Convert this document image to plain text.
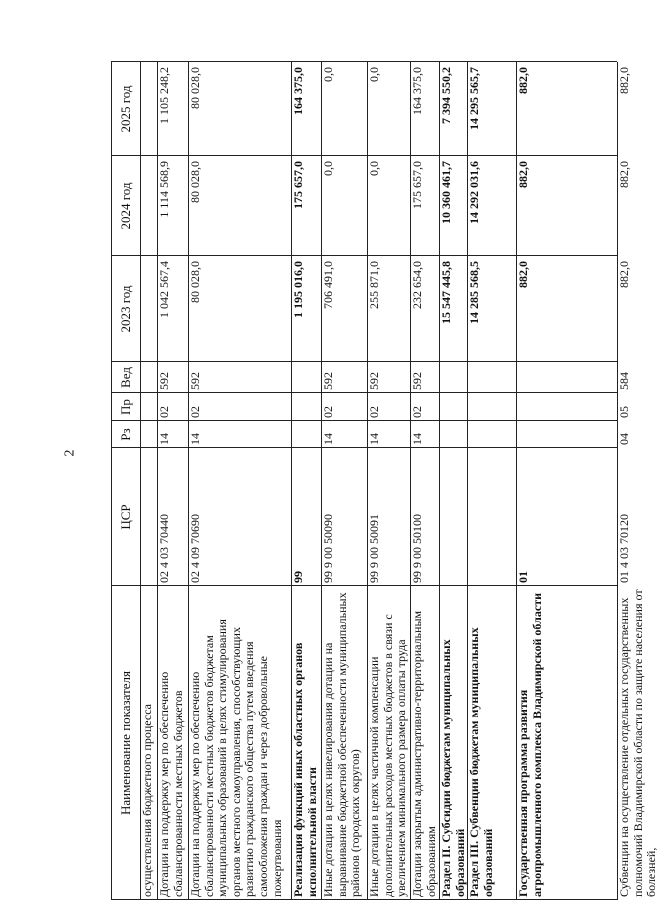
2
Наименование показателя
ЦСР
Рз
Пр
Вед
2023 год
2024 год
2025 год
осуществления бюджетного процесса Дотации на поддержку мер по обеспечению сбалансированности местных бюджетов
02 4 03 70440
14
02
592
1 042 567,4
1 114 568,9
1 105 248,2
Дотации на поддержку мер по обеспечению сбалансированности местных бюджетов бюджетам муниципальных образований в целях стимулирования органов местного самоуправления, способствующих развитию гражданского общества путем введения самообложения граждан и через добровольные пожертвования
02 4 09 70690
14
02
592
80 028,0
80 028,0
80 028,0
Реализация функций иных областных органов исполнительной власти
99
1 195 016,0
175 657,0
164 375,0
Иные дотации в целях нивелирования дотации на выравнивание бюджетной обеспеченности муниципальных районов (городских округов)
99 9 00 50090
14
02
592
706 491,0
0,0
0,0
Иные дотации в целях частичной компенсации дополнительных расходов местных бюджетов в связи с увеличением минимального размера оплаты труда
99 9 00 50091
14
02
592
255 871,0
0,0
0,0
Дотации закрытым административно-территориальным образованиям
99 9 00 50100
14
02
592
232 654,0
175 657,0
164 375,0
Раздел II. Субсидии бюджетам муниципальных образований
15 547 445,8
10 360 461,7
7 394 550,2
Раздел III. Субвенции бюджетам муниципальных образований
14 285 568,5
14 292 031,6
14 295 565,7
Государственная программа развития агропромышленного комплекса Владимирской области
01
882,0
882,0
882,0
Субвенции на осуществление отдельных государственных полномочий Владимирской области по защите населения от болезней,
01 4 03 70120
04
05
584
882,0
882,0
882,0
